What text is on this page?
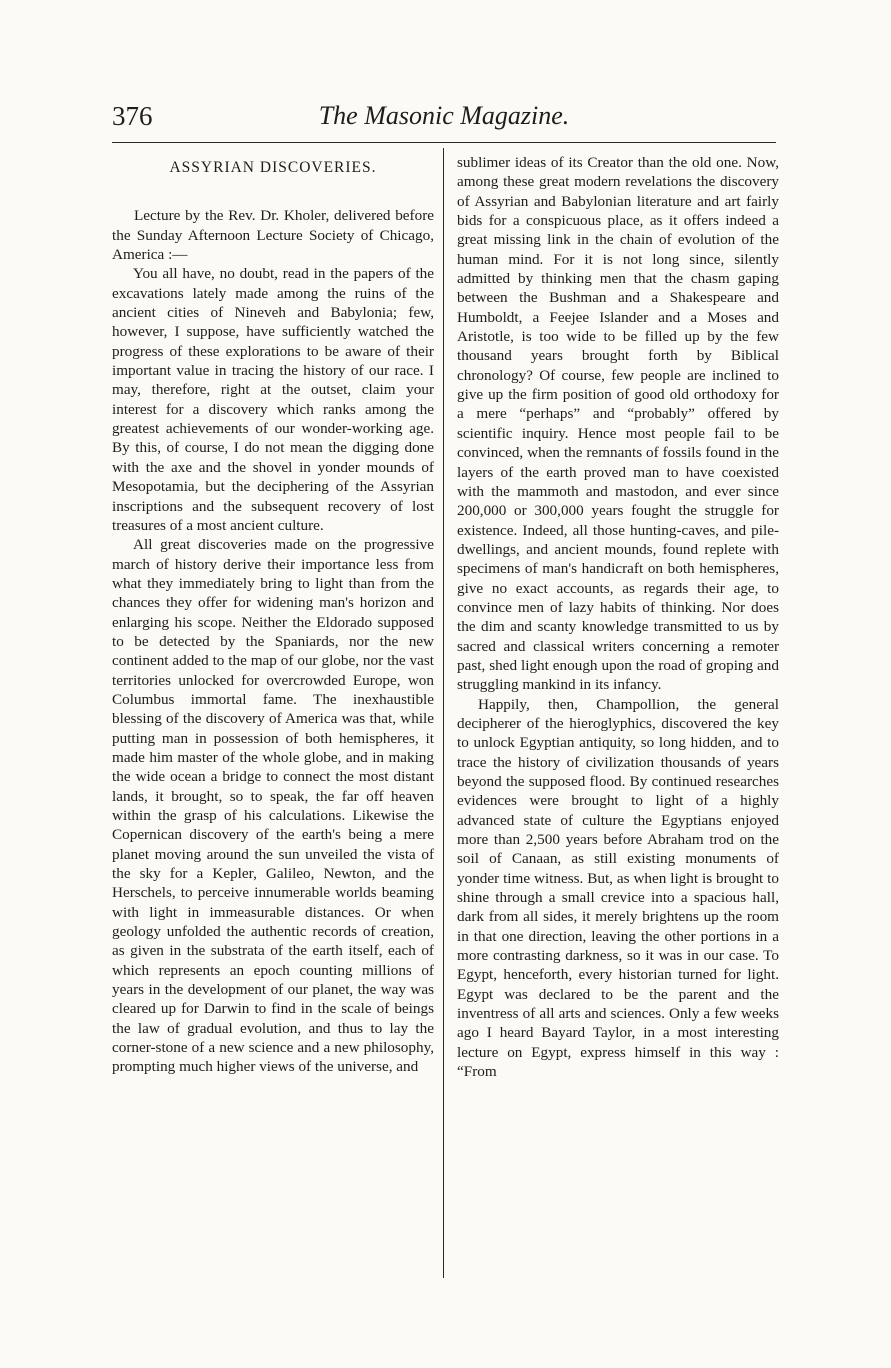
376	The Masonic Magazine.
ASSYRIAN DISCOVERIES.

Lecture by the Rev. Dr. Kholer, delivered before the Sunday Afternoon Lecture Society of Chicago, America :—

You all have, no doubt, read in the papers of the excavations lately made among the ruins of the ancient cities of Nineveh and Babylonia; few, however, I suppose, have sufficiently watched the progress of these explorations to be aware of their important value in tracing the history of our race. I may, therefore, right at the outset, claim your interest for a discovery which ranks among the greatest achievements of our wonder-working age. By this, of course, I do not mean the digging done with the axe and the shovel in yonder mounds of Mesopotamia, but the deciphering of the Assyrian inscriptions and the subsequent recovery of lost treasures of a most ancient culture.

All great discoveries made on the progressive march of history derive their importance less from what they immediately bring to light than from the chances they offer for widening man's horizon and enlarging his scope. Neither the Eldorado supposed to be detected by the Spaniards, nor the new continent added to the map of our globe, nor the vast territories unlocked for overcrowded Europe, won Columbus immortal fame. The inexhaustible blessing of the discovery of America was that, while putting man in possession of both hemispheres, it made him master of the whole globe, and in making the wide ocean a bridge to connect the most distant lands, it brought, so to speak, the far off heaven within the grasp of his calculations. Likewise the Copernican discovery of the earth's being a mere planet moving around the sun unveiled the vista of the sky for a Kepler, Galileo, Newton, and the Herschels, to perceive innumerable worlds beaming with light in immeasurable distances. Or when geology unfolded the authentic records of creation, as given in the substrata of the earth itself, each of which represents an epoch counting millions of years in the development of our planet, the way was cleared up for Darwin to find in the scale of beings the law of gradual evolution, and thus to lay the corner-stone of a new science and a new philosophy, prompting much higher views of the universe, and

sublimer ideas of its Creator than the old one. Now, among these great modern revelations the discovery of Assyrian and Babylonian literature and art fairly bids for a conspicuous place, as it offers indeed a great missing link in the chain of evolution of the human mind. For it is not long since, silently admitted by thinking men that the chasm gaping between the Bushman and a Shakespeare and Humboldt, a Feejee Islander and a Moses and Aristotle, is too wide to be filled up by the few thousand years brought forth by Biblical chronology? Of course, few people are inclined to give up the firm position of good old orthodoxy for a mere “perhaps” and “probably” offered by scientific inquiry. Hence most people fail to be convinced, when the remnants of fossils found in the layers of the earth proved man to have coexisted with the mammoth and mastodon, and ever since 200,000 or 300,000 years fought the struggle for existence. Indeed, all those hunting-caves, and pile-dwellings, and ancient mounds, found replete with specimens of man's handicraft on both hemispheres, give no exact accounts, as regards their age, to convince men of lazy habits of thinking. Nor does the dim and scanty knowledge transmitted to us by sacred and classical writers concerning a remoter past, shed light enough upon the road of groping and struggling mankind in its infancy.

Happily, then, Champollion, the general decipherer of the hieroglyphics, discovered the key to unlock Egyptian antiquity, so long hidden, and to trace the history of civilization thousands of years beyond the supposed flood. By continued researches evidences were brought to light of a highly advanced state of culture the Egyptians enjoyed more than 2,500 years before Abraham trod on the soil of Canaan, as still existing monuments of yonder time witness. But, as when light is brought to shine through a small crevice into a spacious hall, dark from all sides, it merely brightens up the room in that one direction, leaving the other portions in a more contrasting darkness, so it was in our case. To Egypt, henceforth, every historian turned for light. Egypt was declared to be the parent and the inventress of all arts and sciences. Only a few weeks ago I heard Bayard Taylor, in a most interesting lecture on Egypt, express himself in this way : “From
